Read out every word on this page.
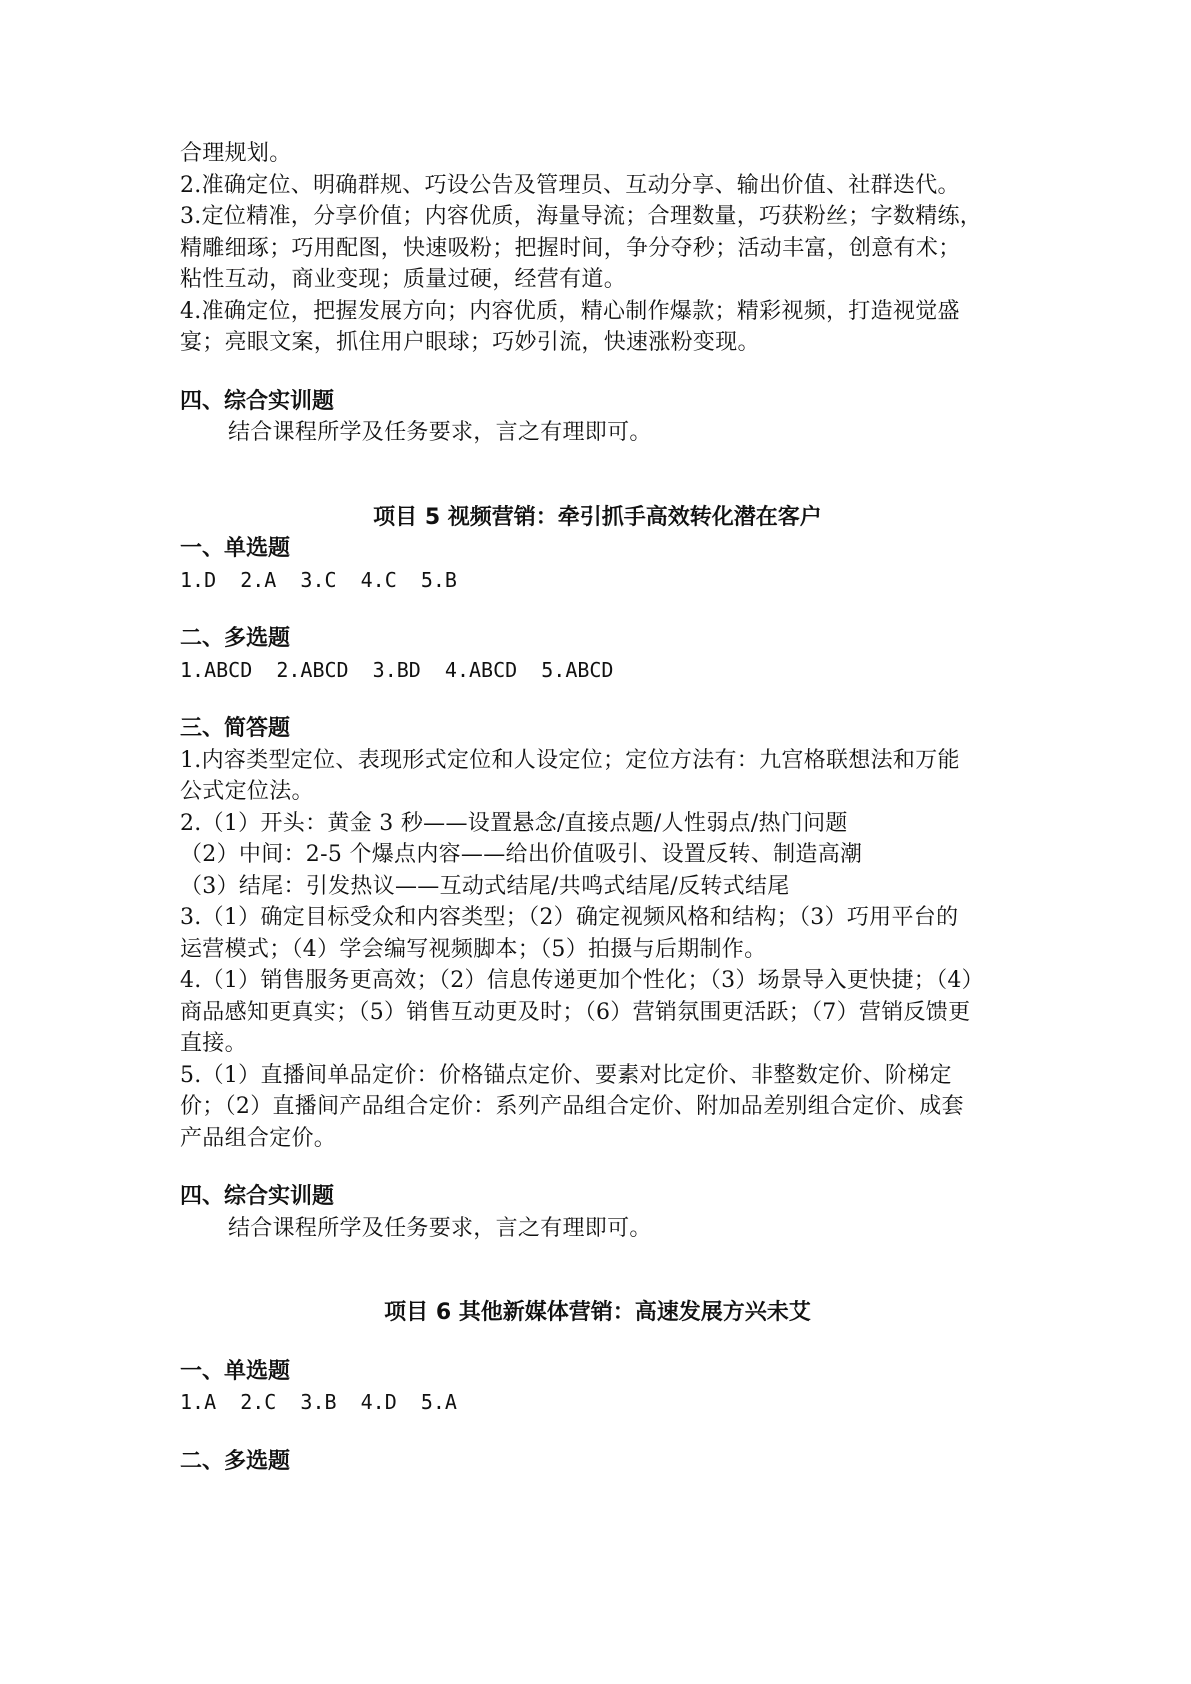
合理规划。
2.准确定位、明确群规、巧设公告及管理员、互动分享、输出价值、社群迭代。
3.定位精准，分享价值；内容优质，海量导流；合理数量，巧获粉丝；字数精练，
精雕细琢；巧用配图，快速吸粉；把握时间，争分夺秒；活动丰富，创意有术；
粘性互动，商业变现；质量过硬，经营有道。
4.准确定位，把握发展方向；内容优质，精心制作爆款；精彩视频，打造视觉盛
宴；亮眼文案，抓住用户眼球；巧妙引流，快速涨粉变现。
四、综合实训题
结合课程所学及任务要求，言之有理即可。
项目 5 视频营销：牵引抓手高效转化潜在客户
一、单选题
1.D  2.A  3.C  4.C  5.B
二、多选题
1.ABCD  2.ABCD  3.BD  4.ABCD  5.ABCD
三、简答题
1.内容类型定位、表现形式定位和人设定位；定位方法有：九宫格联想法和万能
公式定位法。
2.（1）开头：黄金 3 秒——设置悬念/直接点题/人性弱点/热门问题
（2）中间：2-5 个爆点内容——给出价值吸引、设置反转、制造高潮
（3）结尾：引发热议——互动式结尾/共鸣式结尾/反转式结尾
3.（1）确定目标受众和内容类型；（2）确定视频风格和结构；（3）巧用平台的
运营模式；（4）学会编写视频脚本；（5）拍摄与后期制作。
4.（1）销售服务更高效；（2）信息传递更加个性化；（3）场景导入更快捷；（4）
商品感知更真实；（5）销售互动更及时；（6）营销氛围更活跃；（7）营销反馈更
直接。
5.（1）直播间单品定价：价格锚点定价、要素对比定价、非整数定价、阶梯定
价；（2）直播间产品组合定价：系列产品组合定价、附加品差别组合定价、成套
产品组合定价。
四、综合实训题
结合课程所学及任务要求，言之有理即可。
项目 6 其他新媒体营销：高速发展方兴未艾
一、单选题
1.A  2.C  3.B  4.D  5.A
二、多选题
